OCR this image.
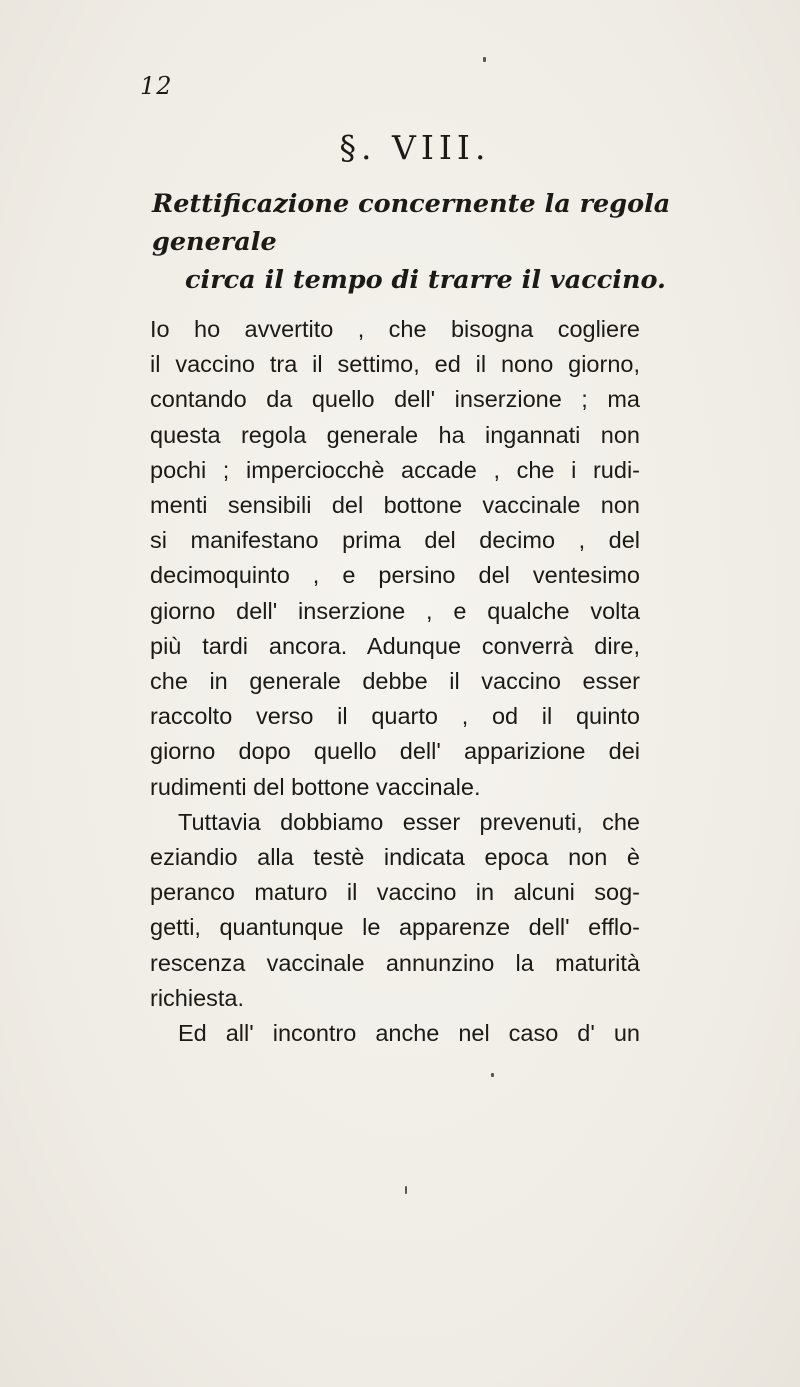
12
§. VIII.
Rettificazione concernente la regola generale
circa il tempo di trarre il vaccino.
Io ho avvertito , che bisogna cogliere
il vaccino tra il settimo, ed il nono giorno,
contando da quello dell' inserzione ; ma
questa regola generale ha ingannati non
pochi ; imperciocchè accade , che i rudi-
menti sensibili del bottone vaccinale non
si manifestano prima del decimo , del
decimoquinto , e persino del ventesimo
giorno dell' inserzione , e qualche volta
più tardi ancora. Adunque converrà dire,
che in generale debbe il vaccino esser
raccolto verso il quarto , od il quinto
giorno dopo quello dell' apparizione dei
rudimenti del bottone vaccinale.
Tuttavia dobbiamo esser prevenuti, che
eziandio alla testè indicata epoca non è
peranco maturo il vaccino in alcuni sog-
getti, quantunque le apparenze dell' efflo-
rescenza vaccinale annunzino la maturità
richiesta.
Ed all' incontro anche nel caso d' un
